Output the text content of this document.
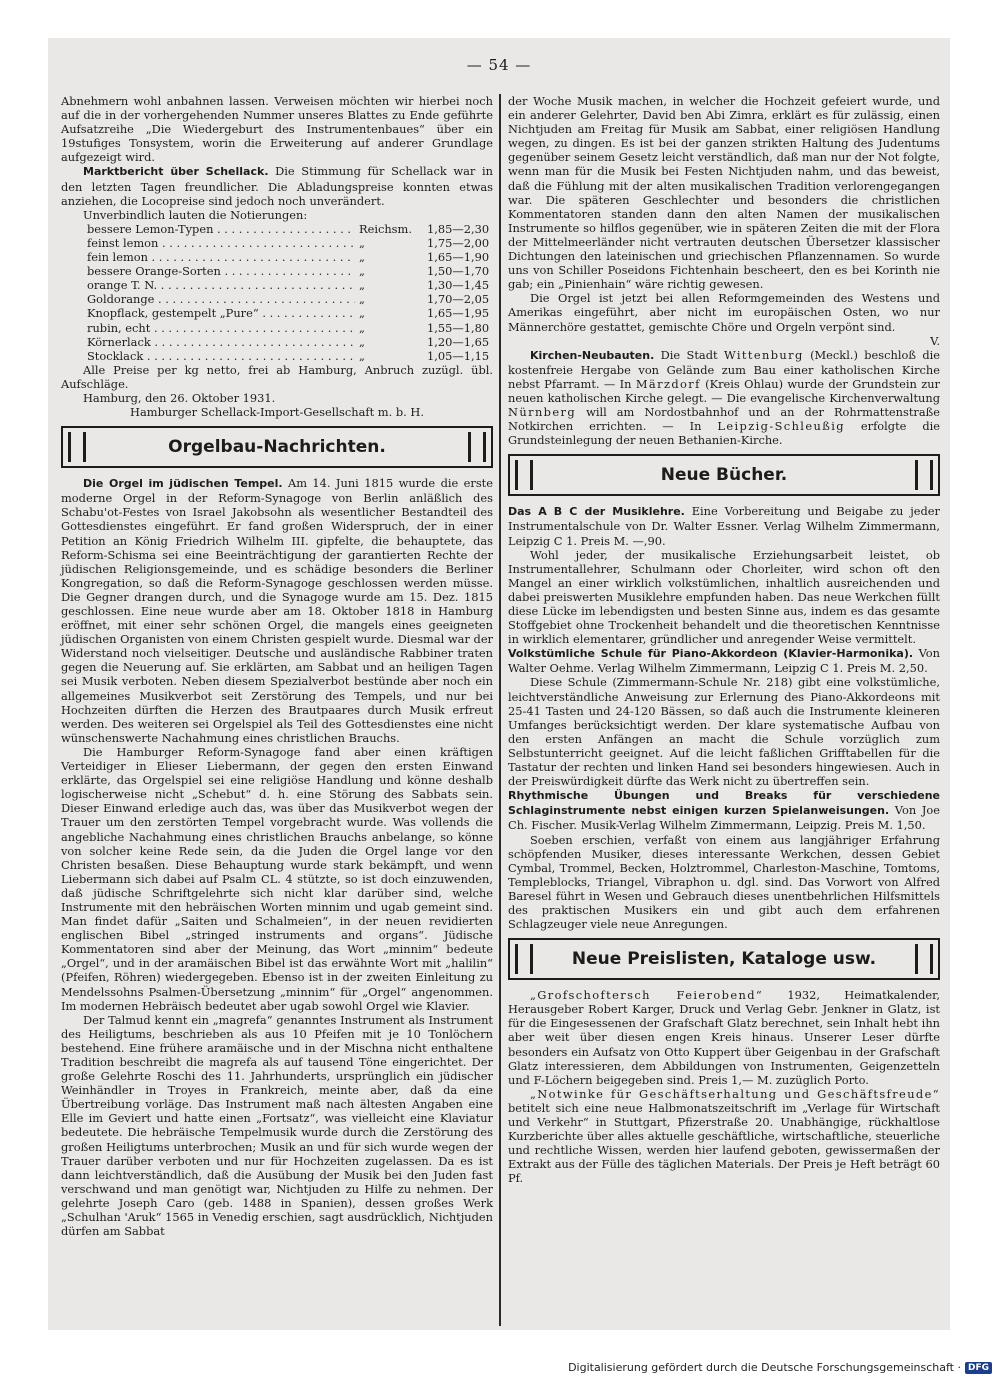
— 54 —

Abnehmern wohl anbahnen lassen. Verweisen möchten wir hierbei noch auf die in der vorhergehenden Nummer unseres Blattes zu Ende geführte Aufsatzreihe „Die Wiedergeburt des Instrumentenbaues“ über ein 19stufiges Tonsystem, worin die Erweiterung auf anderer Grundlage aufgezeigt wird.

Marktbericht über Schellack. Die Stimmung für Schellack war in den letzten Tagen freundlicher. Die Abladungspreise konnten etwas anziehen, die Locopreise sind jedoch noch unverändert.

Unverbindlich lauten die Notierungen:

bessere Lemon-Typen . . .	Reichsm.	1,85—2,30
feinst lemon . . .	„	1,75—2,00
fein lemon . . .	„	1,65—1,90
bessere Orange-Sorten . . .	„	1,50—1,70
orange T. N. . . .	„	1,30—1,45
Goldorange . . .	„	1,70—2,05
Knopflack, gestempelt „Pure“ . . .	„	1,65—1,95
rubin, echt . . .	„	1,55—1,80
Körnerlack . . .	„	1,20—1,65
Stocklack . . .	„	1,05—1,15

Alle Preise per kg netto, frei ab Hamburg, Anbruch zuzügl. übl. Aufschläge.

Hamburg, den 26. Oktober 1931.

Hamburger Schellack-Import-Gesellschaft m. b. H.

Orgelbau-Nachrichten.

Die Orgel im jüdischen Tempel. Am 14. Juni 1815 wurde die erste moderne Orgel in der Reform-Synagoge von Berlin anläßlich des Schabu'ot-Festes von Israel Jakobsohn als wesentlicher Bestandteil des Gottesdienstes eingeführt. Er fand großen Widerspruch, der in einer Petition an König Friedrich Wilhelm III. gipfelte, die behauptete, das Reform-Schisma sei eine Beeinträchtigung der garantierten Rechte der jüdischen Religionsgemeinde, und es schädige besonders die Berliner Kongregation, so daß die Reform-Synagoge geschlossen werden müsse. Die Gegner drangen durch, und die Synagoge wurde am 15. Dez. 1815 geschlossen. Eine neue wurde aber am 18. Oktober 1818 in Hamburg eröffnet, mit einer sehr schönen Orgel, die mangels eines geeigneten jüdischen Organisten von einem Christen gespielt wurde. Diesmal war der Widerstand noch vielseitiger. Deutsche und ausländische Rabbiner traten gegen die Neuerung auf. Sie erklärten, am Sabbat und an heiligen Tagen sei Musik verboten. Neben diesem Spezialverbot bestünde aber noch ein allgemeines Musikverbot seit Zerstörung des Tempels, und nur bei Hochzeiten dürften die Herzen des Brautpaares durch Musik erfreut werden. Des weiteren sei Orgelspiel als Teil des Gottesdienstes eine nicht wünschenswerte Nachahmung eines christlichen Brauchs.

Die Hamburger Reform-Synagoge fand aber einen kräftigen Verteidiger in Elieser Liebermann, der gegen den ersten Einwand erklärte, das Orgelspiel sei eine religiöse Handlung und könne deshalb logischerweise nicht „Schebut“ d. h. eine Störung des Sabbats sein. Dieser Einwand erledige auch das, was über das Musikverbot wegen der Trauer um den zerstörten Tempel vorgebracht wurde. Was vollends die angebliche Nachahmung eines christlichen Brauchs anbelange, so könne von solcher keine Rede sein, da die Juden die Orgel lange vor den Christen besaßen. Diese Behauptung wurde stark bekämpft, und wenn Liebermann sich dabei auf Psalm CL. 4 stützte, so ist doch einzuwenden, daß jüdische Schriftgelehrte sich nicht klar darüber sind, welche Instrumente mit den hebräischen Worten minnim und ugab gemeint sind. Man findet dafür „Saiten und Schalmeien“, in der neuen revidierten englischen Bibel „stringed instruments and organs“. Jüdische Kommentatoren sind aber der Meinung, das Wort „minnim“ bedeute „Orgel“, und in der aramäischen Bibel ist das erwähnte Wort mit „halilin“ (Pfeifen, Röhren) wiedergegeben. Ebenso ist in der zweiten Einleitung zu Mendelssohns Psalmen-Übersetzung „minnim“ für „Orgel“ angenommen. Im modernen Hebräisch bedeutet aber ugab sowohl Orgel wie Klavier.

Der Talmud kennt ein „magrefa“ genanntes Instrument als Instrument des Heiligtums, beschrieben als aus 10 Pfeifen mit je 10 Tonlöchern bestehend. Eine frühere aramäische und in der Mischna nicht enthaltene Tradition beschreibt die magrefa als auf tausend Töne eingerichtet. Der große Gelehrte Roschi des 11. Jahrhunderts, ursprünglich ein jüdischer Weinhändler in Troyes in Frankreich, meinte aber, daß da eine Übertreibung vorläge. Das Instrument maß nach ältesten Angaben eine Elle im Geviert und hatte einen „Fortsatz“, was vielleicht eine Klaviatur bedeutete. Die hebräische Tempelmusik wurde durch die Zerstörung des großen Heiligtums unterbrochen; Musik an und für sich wurde wegen der Trauer darüber verboten und nur für Hochzeiten zugelassen. Da es ist dann leichtverständlich, daß die Ausübung der Musik bei den Juden fast verschwand und man genötigt war, Nichtjuden zu Hilfe zu nehmen. Der gelehrte Joseph Caro (geb. 1488 in Spanien), dessen großes Werk „Schulhan 'Aruk“ 1565 in Venedig erschien, sagt ausdrücklich, Nichtjuden dürfen am Sabbat

der Woche Musik machen, in welcher die Hochzeit gefeiert wurde, und ein anderer Gelehrter, David ben Abi Zimra, erklärt es für zulässig, einen Nichtjuden am Freitag für Musik am Sabbat, einer religiösen Handlung wegen, zu dingen. Es ist bei der ganzen strikten Haltung des Judentums gegenüber seinem Gesetz leicht verständlich, daß man nur der Not folgte, wenn man für die Musik bei Festen Nichtjuden nahm, und das beweist, daß die Fühlung mit der alten musikalischen Tradition verlorengegangen war. Die späteren Geschlechter und besonders die christlichen Kommentatoren standen dann den alten Namen der musikalischen Instrumente so hilflos gegenüber, wie in späteren Zeiten die mit der Flora der Mittelmeerländer nicht vertrauten deutschen Übersetzer klassischer Dichtungen den lateinischen und griechischen Pflanzennamen. So wurde uns von Schiller Poseidons Fichtenhain bescheert, den es bei Korinth nie gab; ein „Pinienhain“ wäre richtig gewesen.

Die Orgel ist jetzt bei allen Reformgemeinden des Westens und Amerikas eingeführt, aber nicht im europäischen Osten, wo nur Männerchöre gestattet, gemischte Chöre und Orgeln verpönt sind.

V.

Kirchen-Neubauten. Die Stadt Wittenburg (Meckl.) beschloß die kostenfreie Hergabe von Gelände zum Bau einer katholischen Kirche nebst Pfarramt. — In Märzdorf (Kreis Ohlau) wurde der Grundstein zur neuen katholischen Kirche gelegt. — Die evangelische Kirchenverwaltung Nürnberg will am Nordostbahnhof und an der Rohrmattenstraße Notkirchen errichten. — In Leipzig-Schleußig erfolgte die Grundsteinlegung der neuen Bethanien-Kirche.

Neue Bücher.

Das A B C der Musiklehre. Eine Vorbereitung und Beigabe zu jeder Instrumentalschule von Dr. Walter Essner. Verlag Wilhelm Zimmermann, Leipzig C 1. Preis M. —,90.

Wohl jeder, der musikalische Erziehungsarbeit leistet, ob Instrumentallehrer, Schulmann oder Chorleiter, wird schon oft den Mangel an einer wirklich volkstümlichen, inhaltlich ausreichenden und dabei preiswerten Musiklehre empfunden haben. Das neue Werkchen füllt diese Lücke im lebendigsten und besten Sinne aus, indem es das gesamte Stoffgebiet ohne Trockenheit behandelt und die theoretischen Kenntnisse in wirklich elementarer, gründlicher und anregender Weise vermittelt.

Volkstümliche Schule für Piano-Akkordeon (Klavier-Harmonika). Von Walter Oehme. Verlag Wilhelm Zimmermann, Leipzig C 1. Preis M. 2,50.

Diese Schule (Zimmermann-Schule Nr. 218) gibt eine volkstümliche, leichtverständliche Anweisung zur Erlernung des Piano-Akkordeons mit 25-41 Tasten und 24-120 Bässen, so daß auch die Instrumente kleineren Umfanges berücksichtigt werden. Der klare systematische Aufbau von den ersten Anfängen an macht die Schule vorzüglich zum Selbstunterricht geeignet. Auf die leicht faßlichen Grifftabellen für die Tastatur der rechten und linken Hand sei besonders hingewiesen. Auch in der Preiswürdigkeit dürfte das Werk nicht zu übertreffen sein.

Rhythmische Übungen und Breaks für verschiedene Schlaginstrumente nebst einigen kurzen Spielanweisungen. Von Joe Ch. Fischer. Musik-Verlag Wilhelm Zimmermann, Leipzig. Preis M. 1,50.

Soeben erschien, verfaßt von einem aus langjähriger Erfahrung schöpfenden Musiker, dieses interessante Werkchen, dessen Gebiet Cymbal, Trommel, Becken, Holztrommel, Charleston-Maschine, Tomtoms, Templeblocks, Triangel, Vibraphon u. dgl. sind. Das Vorwort von Alfred Baresel führt in Wesen und Gebrauch dieses unentbehrlichen Hilfsmittels des praktischen Musikers ein und gibt auch dem erfahrenen Schlagzeuger viele neue Anregungen.

Neue Preislisten, Kataloge usw.

„Grofschoftersch Feierobend“ 1932, Heimatkalender, Herausgeber Robert Karger, Druck und Verlag Gebr. Jenkner in Glatz, ist für die Eingesessenen der Grafschaft Glatz berechnet, sein Inhalt hebt ihn aber weit über diesen engen Kreis hinaus. Unserer Leser dürfte besonders ein Aufsatz von Otto Kuppert über Geigenbau in der Grafschaft Glatz interessieren, dem Abbildungen von Instrumenten, Geigenzetteln und F-Löchern beigegeben sind. Preis 1,— M. zuzüglich Porto.

„Notwinke für Geschäftserhaltung und Geschäftsfreude“ betitelt sich eine neue Halbmonatszeitschrift im „Verlage für Wirtschaft und Verkehr“ in Stuttgart, Pfizerstraße 20. Unabhängige, rückhaltlose Kurzberichte über alles aktuelle geschäftliche, wirtschaftliche, steuerliche und rechtliche Wissen, werden hier laufend geboten, gewissermaßen der Extrakt aus der Fülle des täglichen Materials. Der Preis je Heft beträgt 60 Pf.

Digitalisierung gefördert durch die Deutsche Forschungsgemeinschaft · DFG
